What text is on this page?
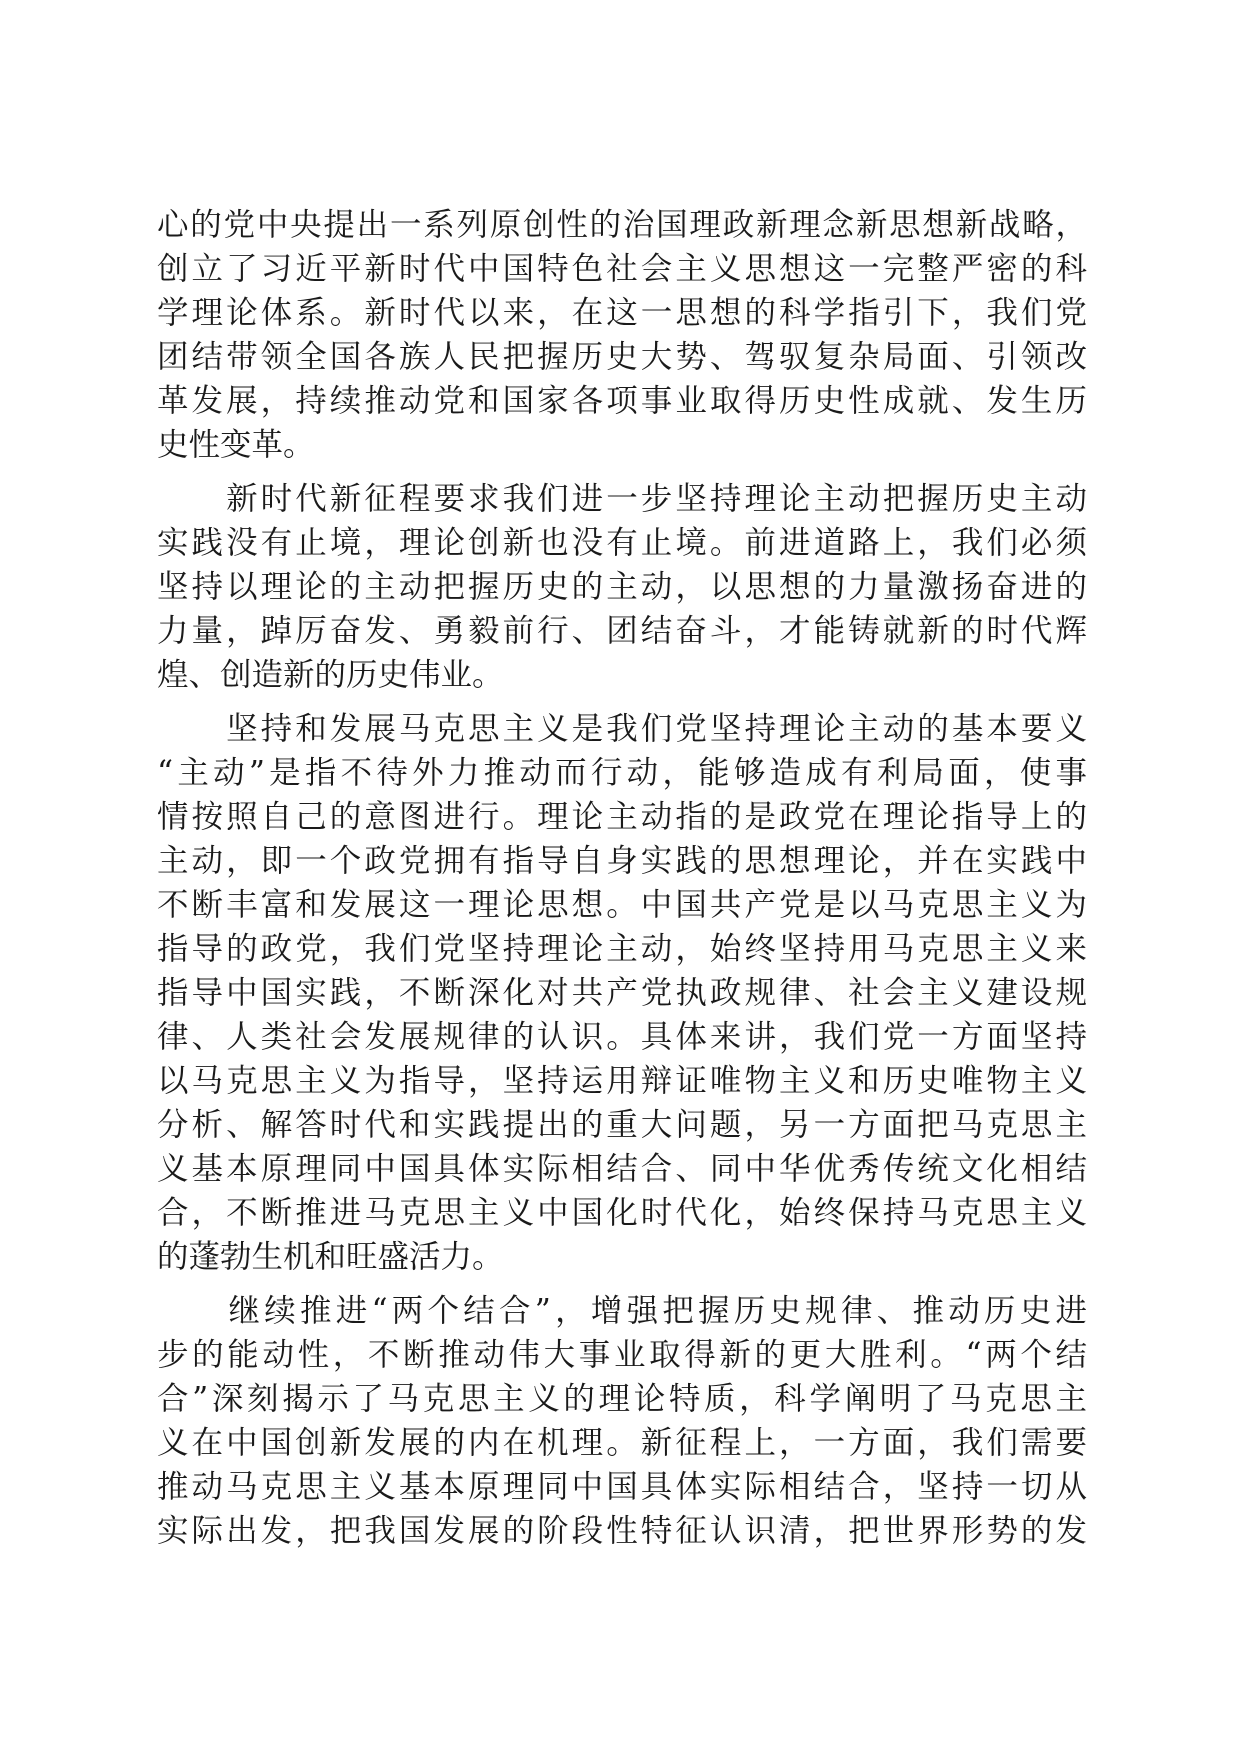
心的党中央提出一系列原创性的治国理政新理念新思想新战略，
创立了习近平新时代中国特色社会主义思想这一完整严密的科
学理论体系。新时代以来，在这一思想的科学指引下，我们党
团结带领全国各族人民把握历史大势、驾驭复杂局面、引领改
革发展，持续推动党和国家各项事业取得历史性成就、发生历
史性变革。
　　新时代新征程要求我们进一步坚持理论主动把握历史主动
实践没有止境，理论创新也没有止境。前进道路上，我们必须
坚持以理论的主动把握历史的主动，以思想的力量激扬奋进的
力量，踔厉奋发、勇毅前行、团结奋斗，才能铸就新的时代辉
煌、创造新的历史伟业。
　　坚持和发展马克思主义是我们党坚持理论主动的基本要义
“主动”是指不待外力推动而行动，能够造成有利局面，使事
情按照自己的意图进行。理论主动指的是政党在理论指导上的
主动，即一个政党拥有指导自身实践的思想理论，并在实践中
不断丰富和发展这一理论思想。中国共产党是以马克思主义为
指导的政党，我们党坚持理论主动，始终坚持用马克思主义来
指导中国实践，不断深化对共产党执政规律、社会主义建设规
律、人类社会发展规律的认识。具体来讲，我们党一方面坚持
以马克思主义为指导，坚持运用辩证唯物主义和历史唯物主义
分析、解答时代和实践提出的重大问题，另一方面把马克思主
义基本原理同中国具体实际相结合、同中华优秀传统文化相结
合，不断推进马克思主义中国化时代化，始终保持马克思主义
的蓬勃生机和旺盛活力。
　　继续推进“两个结合”，增强把握历史规律、推动历史进
步的能动性，不断推动伟大事业取得新的更大胜利。“两个结
合”深刻揭示了马克思主义的理论特质，科学阐明了马克思主
义在中国创新发展的内在机理。新征程上，一方面，我们需要
推动马克思主义基本原理同中国具体实际相结合，坚持一切从
实际出发，把我国发展的阶段性特征认识清，把世界形势的发
